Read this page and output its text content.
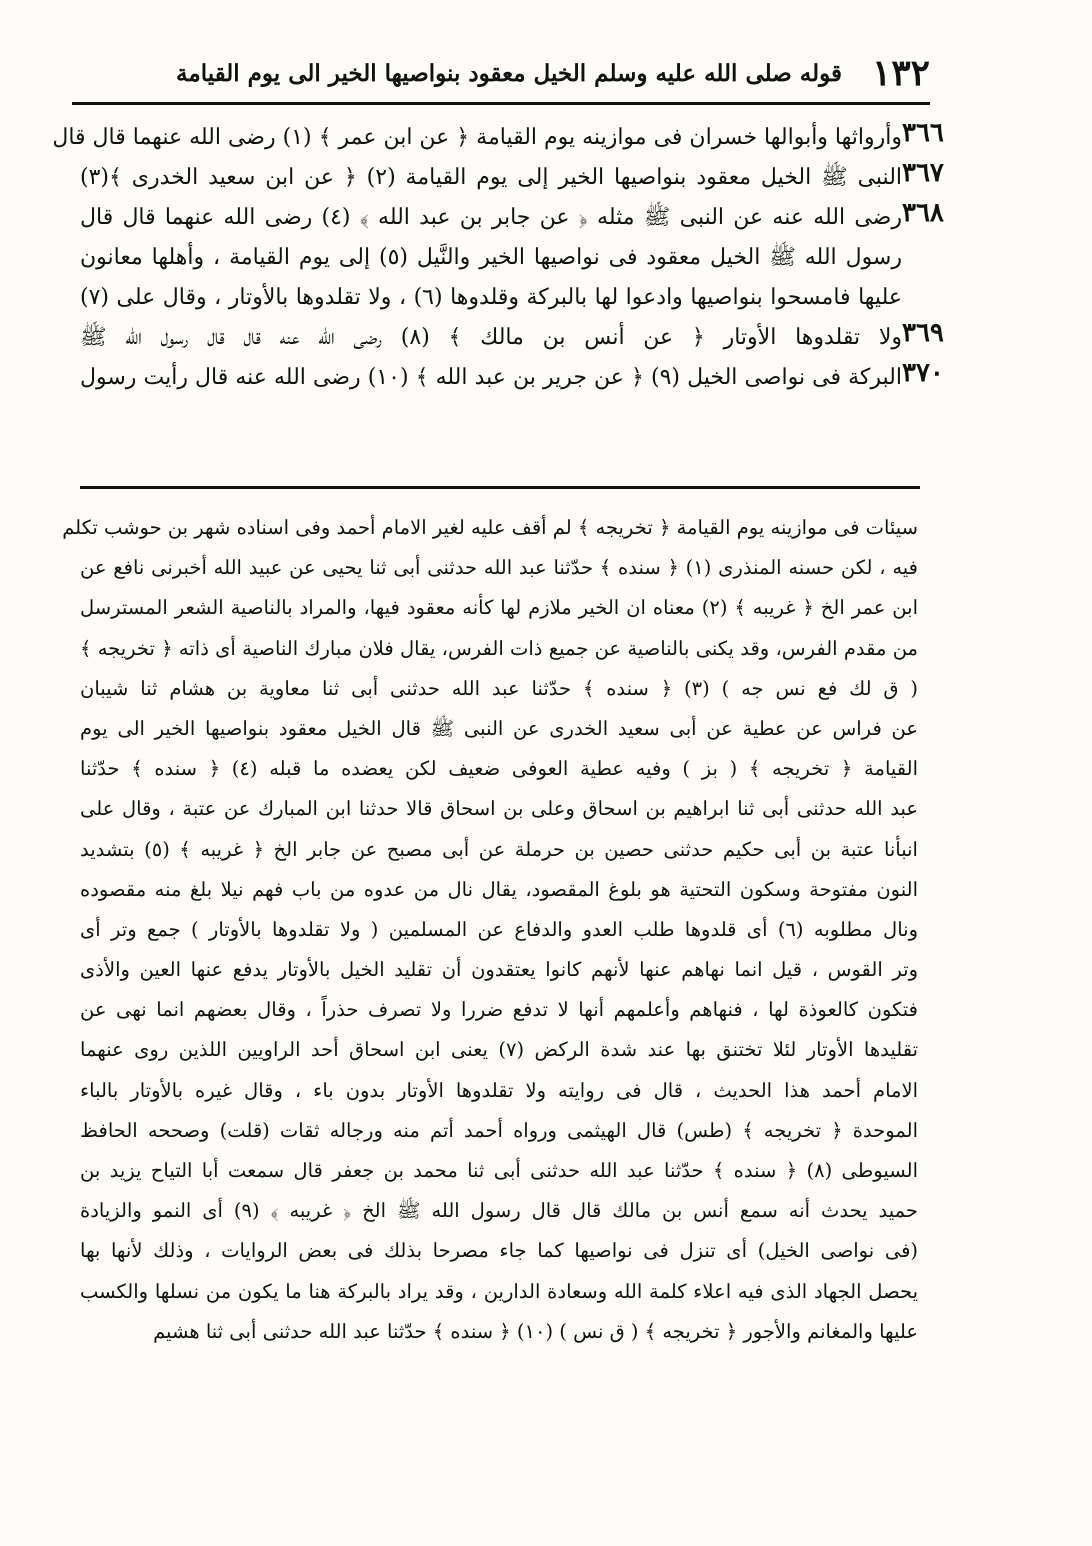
١٣٢
قوله صلى الله عليه وسلم الخيل معقود بنواصيها الخير الى يوم القيامة
٣٦٦
وأرواثها وأبوالها خسران فى موازينه يوم القيامة ﴿ عن ابن عمر ﴾ (١) رضى الله عنهما قال قال
٣٦٧
النبى ﷺ الخيل معقود بنواصيها الخير إلى يوم القيامة (٢) ﴿ عن ابن سعيد الخدرى ﴾(٣)
٣٦٨
رضى الله عنه عن النبى ﷺ مثله ﴿ عن جابر بن عبد الله ﴾ (٤) رضى الله عنهما قال قال
رسول الله ﷺ الخيل معقود فى نواصيها الخير والنَّيل (٥) إلى يوم القيامة ، وأهلها معانون
عليها فامسحوا بنواصيها وادعوا لها بالبركة وقلدوها (٦) ، ولا تقلدوها بالأوتار ، وقال على (٧)
٣٦٩
ولا تقلدوها الأوتار ﴿ عن أنس بن مالك ﴾ (٨) رضى الله عنه قال قال رسول الله ﷺ
٣٧٠
البركة فى نواصى الخيل (٩) ﴿ عن جرير بن عبد الله ﴾ (١٠) رضى الله عنه قال رأيت رسول
سيئات فى موازينه يوم القيامة ﴿ تخريجه ﴾ لم أقف عليه لغير الامام أحمد وفى اسناده شهر بن حوشب تكلم
فيه ، لكن حسنه المنذرى (١) ﴿ سنده ﴾ حدّثنا عبد الله حدثنى أبى ثنا يحيى عن عبيد الله أخبرنى نافع عن
ابن عمر الخ ﴿ غريبه ﴾ (٢) معناه ان الخير ملازم لها كأنه معقود فيها، والمراد بالناصية الشعر المسترسل
من مقدم الفرس، وقد يكنى بالناصية عن جميع ذات الفرس، يقال فلان مبارك الناصية أى ذاته ﴿ تخريجه ﴾
( ق لك فع نس جه ) (٣) ﴿ سنده ﴾ حدّثنا عبد الله حدثنى أبى ثنا معاوية بن هشام ثنا شيبان
عن فراس عن عطية عن أبى سعيد الخدرى عن النبى ﷺ قال الخيل معقود بنواصيها الخير الى يوم
القيامة ﴿ تخريجه ﴾ ( بز ) وفيه عطية العوفى ضعيف لكن يعضده ما قبله (٤) ﴿ سنده ﴾ حدّثنا
عبد الله حدثنى أبى ثنا ابراهيم بن اسحاق وعلى بن اسحاق قالا حدثنا ابن المبارك عن عتبة ، وقال على
انبأنا عتبة بن أبى حكيم حدثنى حصين بن حرملة عن أبى مصبح عن جابر الخ ﴿ غريبه ﴾ (٥) بتشديد
النون مفتوحة وسكون التحتية هو بلوغ المقصود، يقال نال من عدوه من باب فهم نيلا بلغ منه مقصوده
ونال مطلوبه (٦) أى قلدوها طلب العدو والدفاع عن المسلمين ( ولا تقلدوها بالأوتار ) جمع وتر أى
وتر القوس ، قيل انما نهاهم عنها لأنهم كانوا يعتقدون أن تقليد الخيل بالأوتار يدفع عنها العين والأذى
فتكون كالعوذة لها ، فنهاهم وأعلمهم أنها لا تدفع ضررا ولا تصرف حذراً ، وقال بعضهم انما نهى عن
تقليدها الأوتار لئلا تختنق بها عند شدة الركض (٧) يعنى ابن اسحاق أحد الراويين اللذين روى عنهما
الامام أحمد هذا الحديث ، قال فى روايته ولا تقلدوها الأوتار بدون باء ، وقال غيره بالأوتار بالباء
الموحدة ﴿ تخريجه ﴾ (طس) قال الهيثمى ورواه أحمد أتم منه ورجاله ثقات (قلت) وصححه الحافظ
السيوطى (٨) ﴿ سنده ﴾ حدّثنا عبد الله حدثنى أبى ثنا محمد بن جعفر قال سمعت أبا التياح يزيد بن
حميد يحدث أنه سمع أنس بن مالك قال قال رسول الله ﷺ الخ ﴿ غريبه ﴾ (٩) أى النمو والزيادة
(فى نواصى الخيل) أى تنزل فى نواصيها كما جاء مصرحا بذلك فى بعض الروايات ، وذلك لأنها بها
يحصل الجهاد الذى فيه اعلاء كلمة الله وسعادة الدارين ، وقد يراد بالبركة هنا ما يكون من نسلها والكسب
عليها والمغانم والأجور ﴿ تخريجه ﴾ ( ق نس ) (١٠) ﴿ سنده ﴾ حدّثنا عبد الله حدثنى أبى ثنا هشيم
